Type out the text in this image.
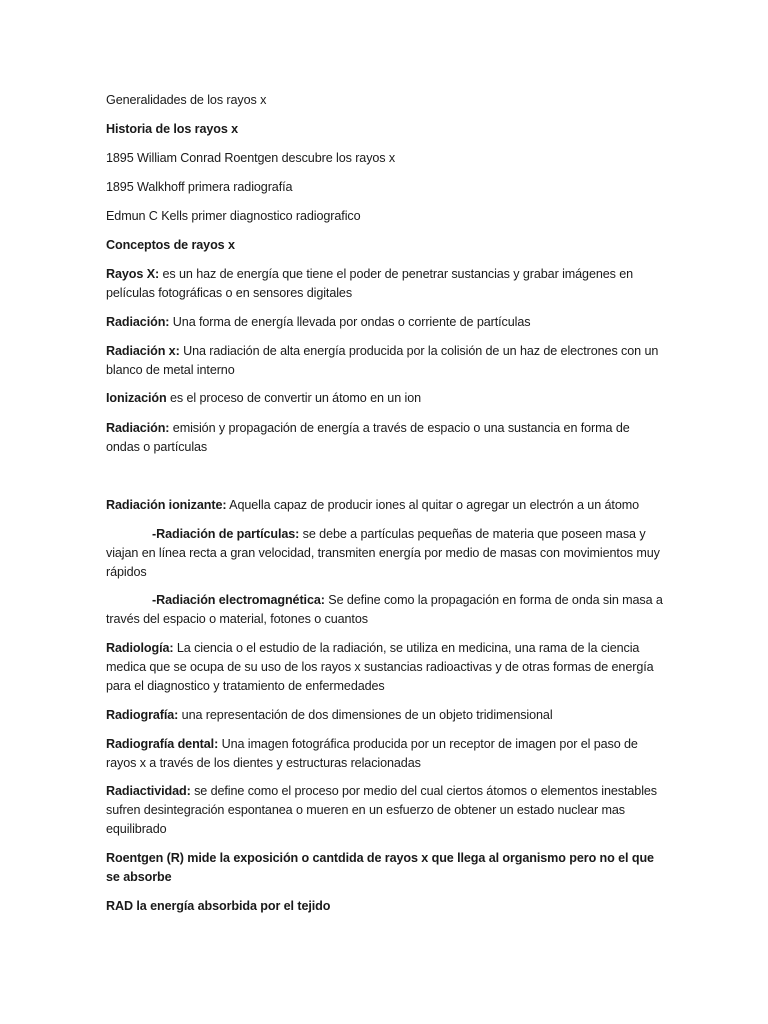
Generalidades de los rayos x

Historia de los rayos x

1895 William Conrad Roentgen descubre los rayos x

1895 Walkhoff primera radiografía

Edmun C Kells primer diagnostico radiografico

Conceptos de rayos x

Rayos X: es un haz de energía que tiene el poder de penetrar sustancias y grabar imágenes en películas fotográficas o en sensores digitales

Radiación: Una forma de energía llevada por ondas o corriente de partículas

Radiación x: Una radiación de alta energía producida por la colisión de un haz de electrones con un blanco de metal interno

Ionización es el proceso de convertir un átomo en un ion

Radiación: emisión y propagación de energía a través de espacio o una sustancia en forma de ondas o partículas

Radiación ionizante: Aquella capaz de producir iones al quitar o agregar un electrón a un átomo

-Radiación de partículas: se debe a partículas pequeñas de materia que poseen masa y viajan en línea recta a gran velocidad, transmiten energía por medio de masas con movimientos muy rápidos

-Radiación electromagnética: Se define como la propagación en forma de onda sin masa a través del espacio o material, fotones o cuantos

Radiología: La ciencia o el estudio de la radiación, se utiliza en medicina, una rama de la ciencia medica que se ocupa de su uso de los rayos x sustancias radioactivas y de otras formas de energía para el diagnostico y tratamiento de enfermedades

Radiografía: una representación de dos dimensiones de un objeto tridimensional

Radiografía dental: Una imagen fotográfica producida por un receptor de imagen por el paso de rayos x a través de los dientes y estructuras relacionadas

Radiactividad: se define como el proceso por medio del cual ciertos átomos o elementos inestables sufren desintegración espontanea o mueren en un esfuerzo de obtener un estado nuclear mas equilibrado

Roentgen (R) mide la exposición o cantdida de rayos x que llega al organismo pero no el que se absorbe

RAD la energía absorbida por el tejido
